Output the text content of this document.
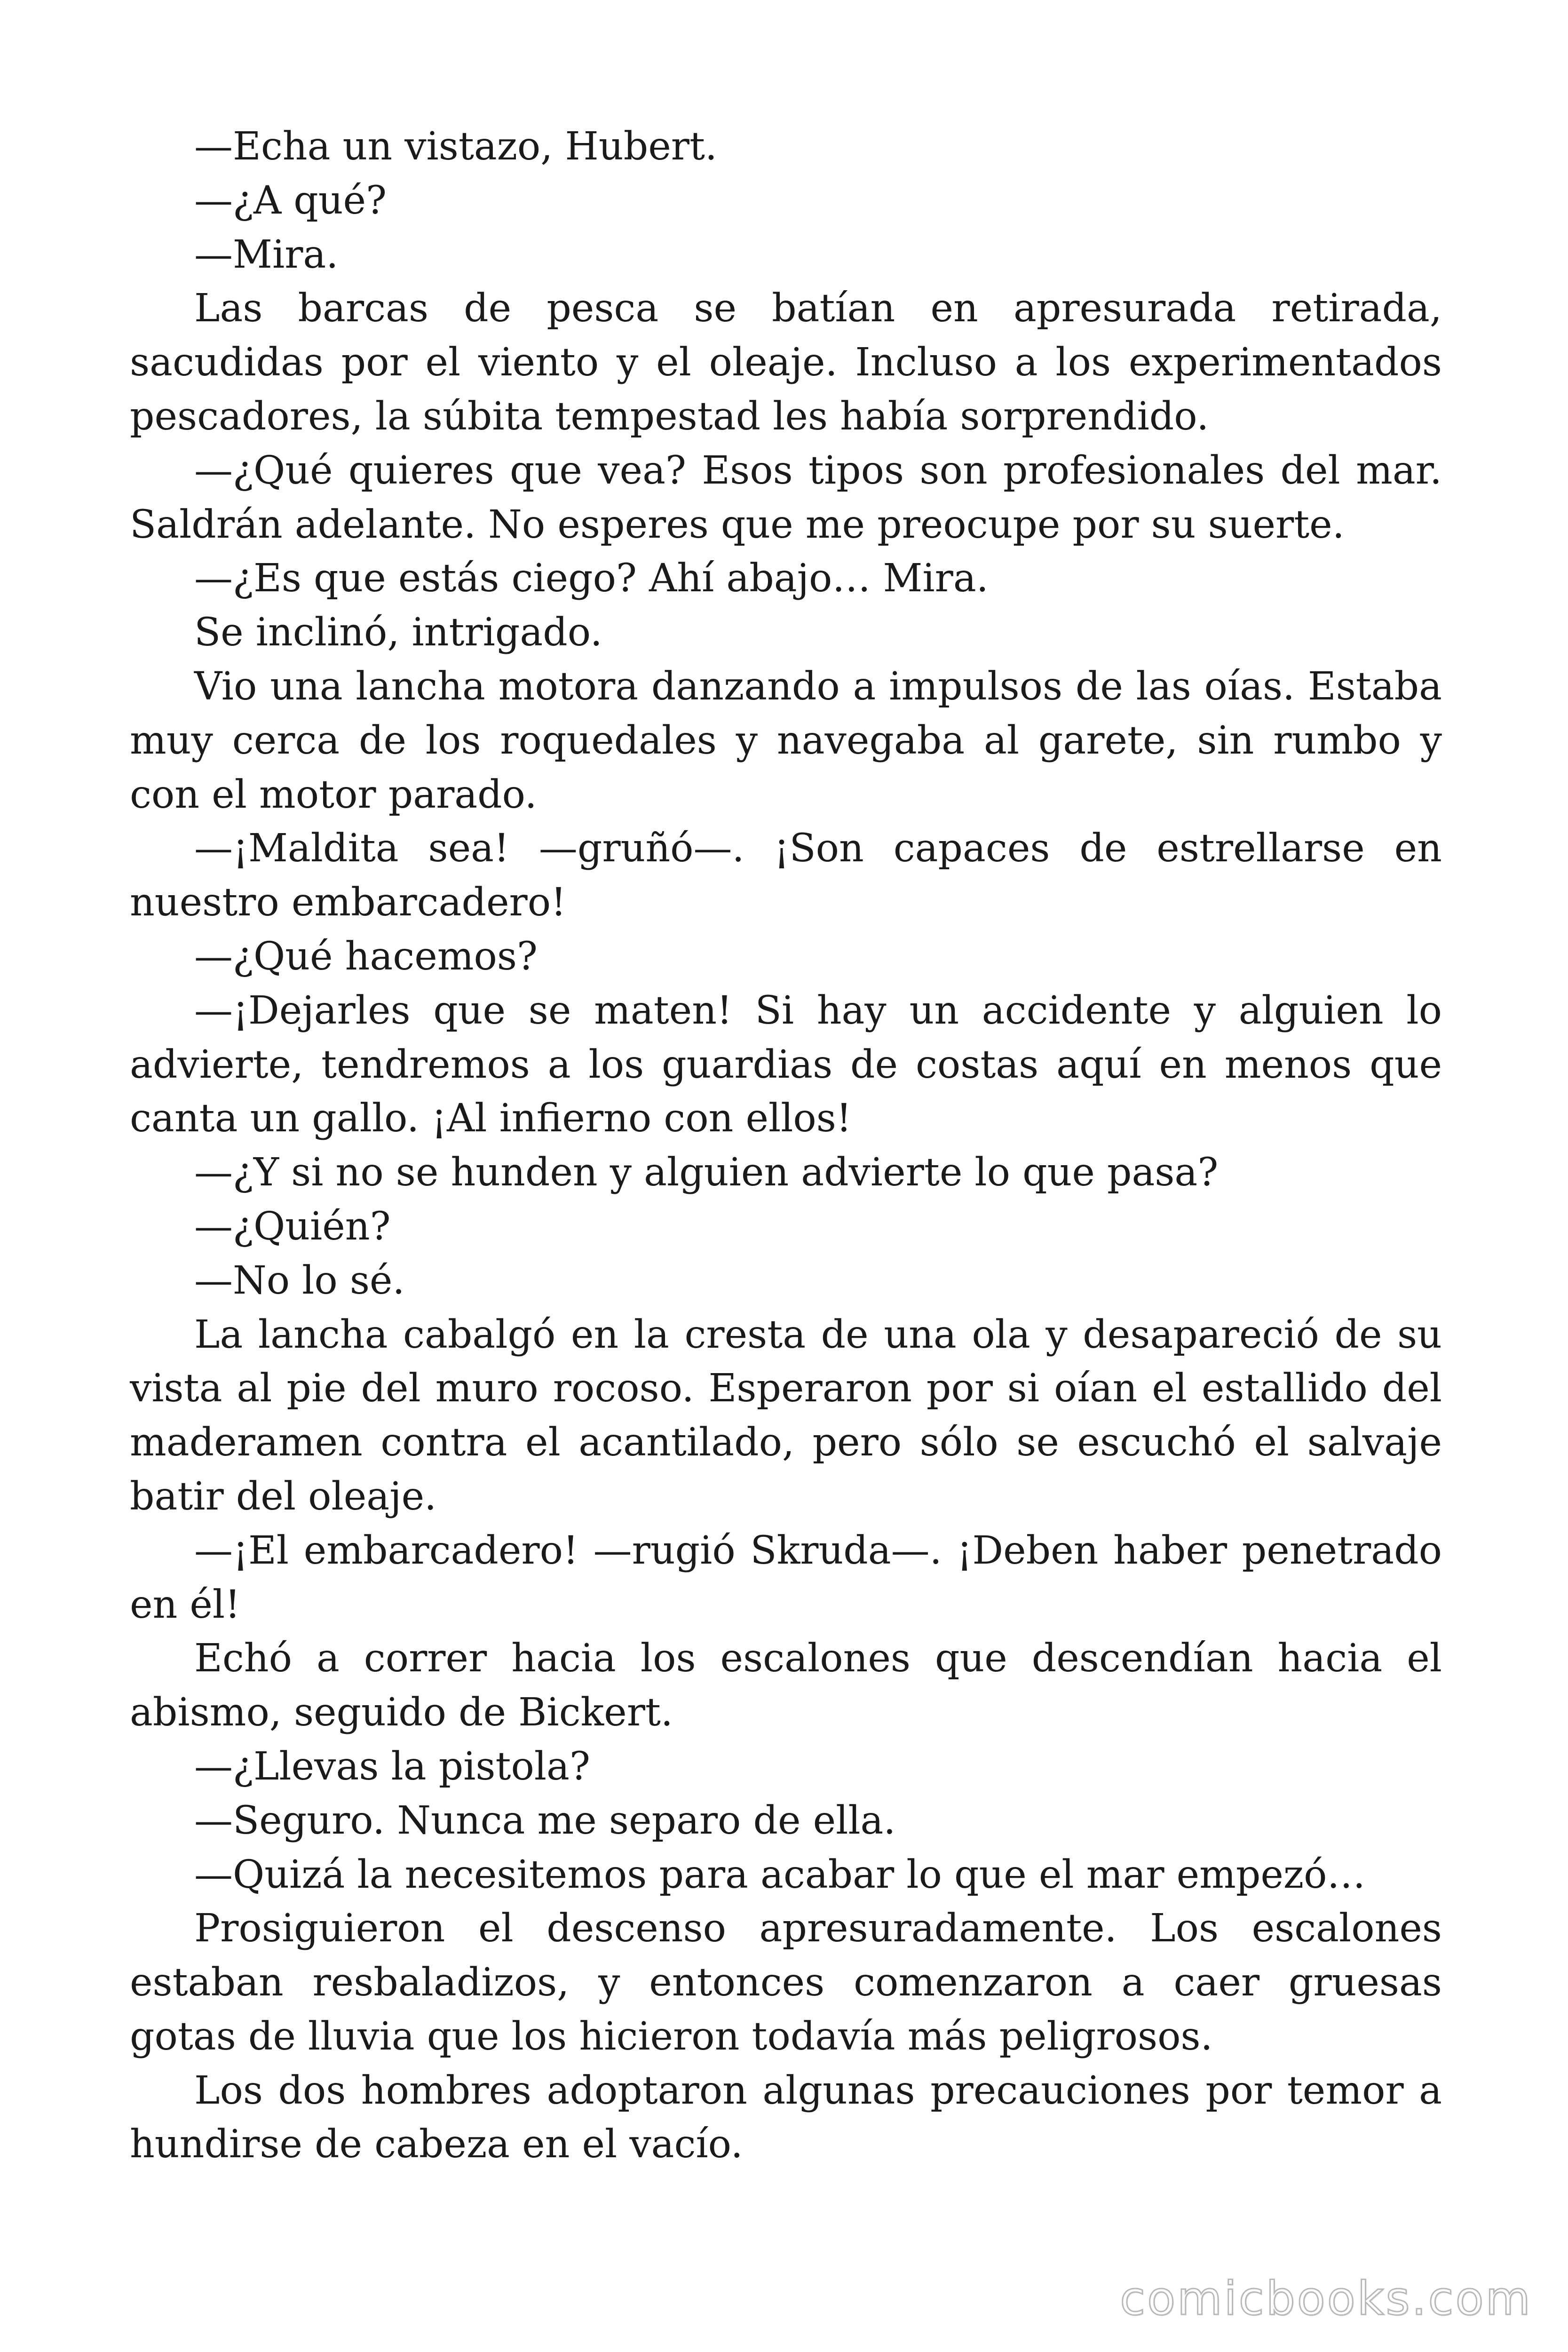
—Echa un vistazo, Hubert.

—¿A qué?

—Mira.

Las barcas de pesca se batían en apresurada retirada, sacudidas por el viento y el oleaje. Incluso a los experimentados pescadores, la súbita tempestad les había sorprendido.

—¿Qué quieres que vea? Esos tipos son profesionales del mar. Saldrán adelante. No esperes que me preocupe por su suerte.

—¿Es que estás ciego? Ahí abajo… Mira.

Se inclinó, intrigado.

Vio una lancha motora danzando a impulsos de las oías. Estaba muy cerca de los roquedales y navegaba al garete, sin rumbo y con el motor parado.

—¡Maldita sea! —gruñó—. ¡Son capaces de estrellarse en nuestro embarcadero!

—¿Qué hacemos?

—¡Dejarles que se maten! Si hay un accidente y alguien lo advierte, tendremos a los guardias de costas aquí en menos que canta un gallo. ¡Al infierno con ellos!

—¿Y si no se hunden y alguien advierte lo que pasa?

—¿Quién?

—No lo sé.

La lancha cabalgó en la cresta de una ola y desapareció de su vista al pie del muro rocoso. Esperaron por si oían el estallido del maderamen contra el acantilado, pero sólo se escuchó el salvaje batir del oleaje.

—¡El embarcadero! —rugió Skruda—. ¡Deben haber penetrado en él!

Echó a correr hacia los escalones que descendían hacia el abismo, seguido de Bickert.

—¿Llevas la pistola?

—Seguro. Nunca me separo de ella.

—Quizá la necesitemos para acabar lo que el mar empezó…

Prosiguieron el descenso apresuradamente. Los escalones estaban resbaladizos, y entonces comenzaron a caer gruesas gotas de lluvia que los hicieron todavía más peligrosos.

Los dos hombres adoptaron algunas precauciones por temor a hundirse de cabeza en el vacío.

comicbooks.com
